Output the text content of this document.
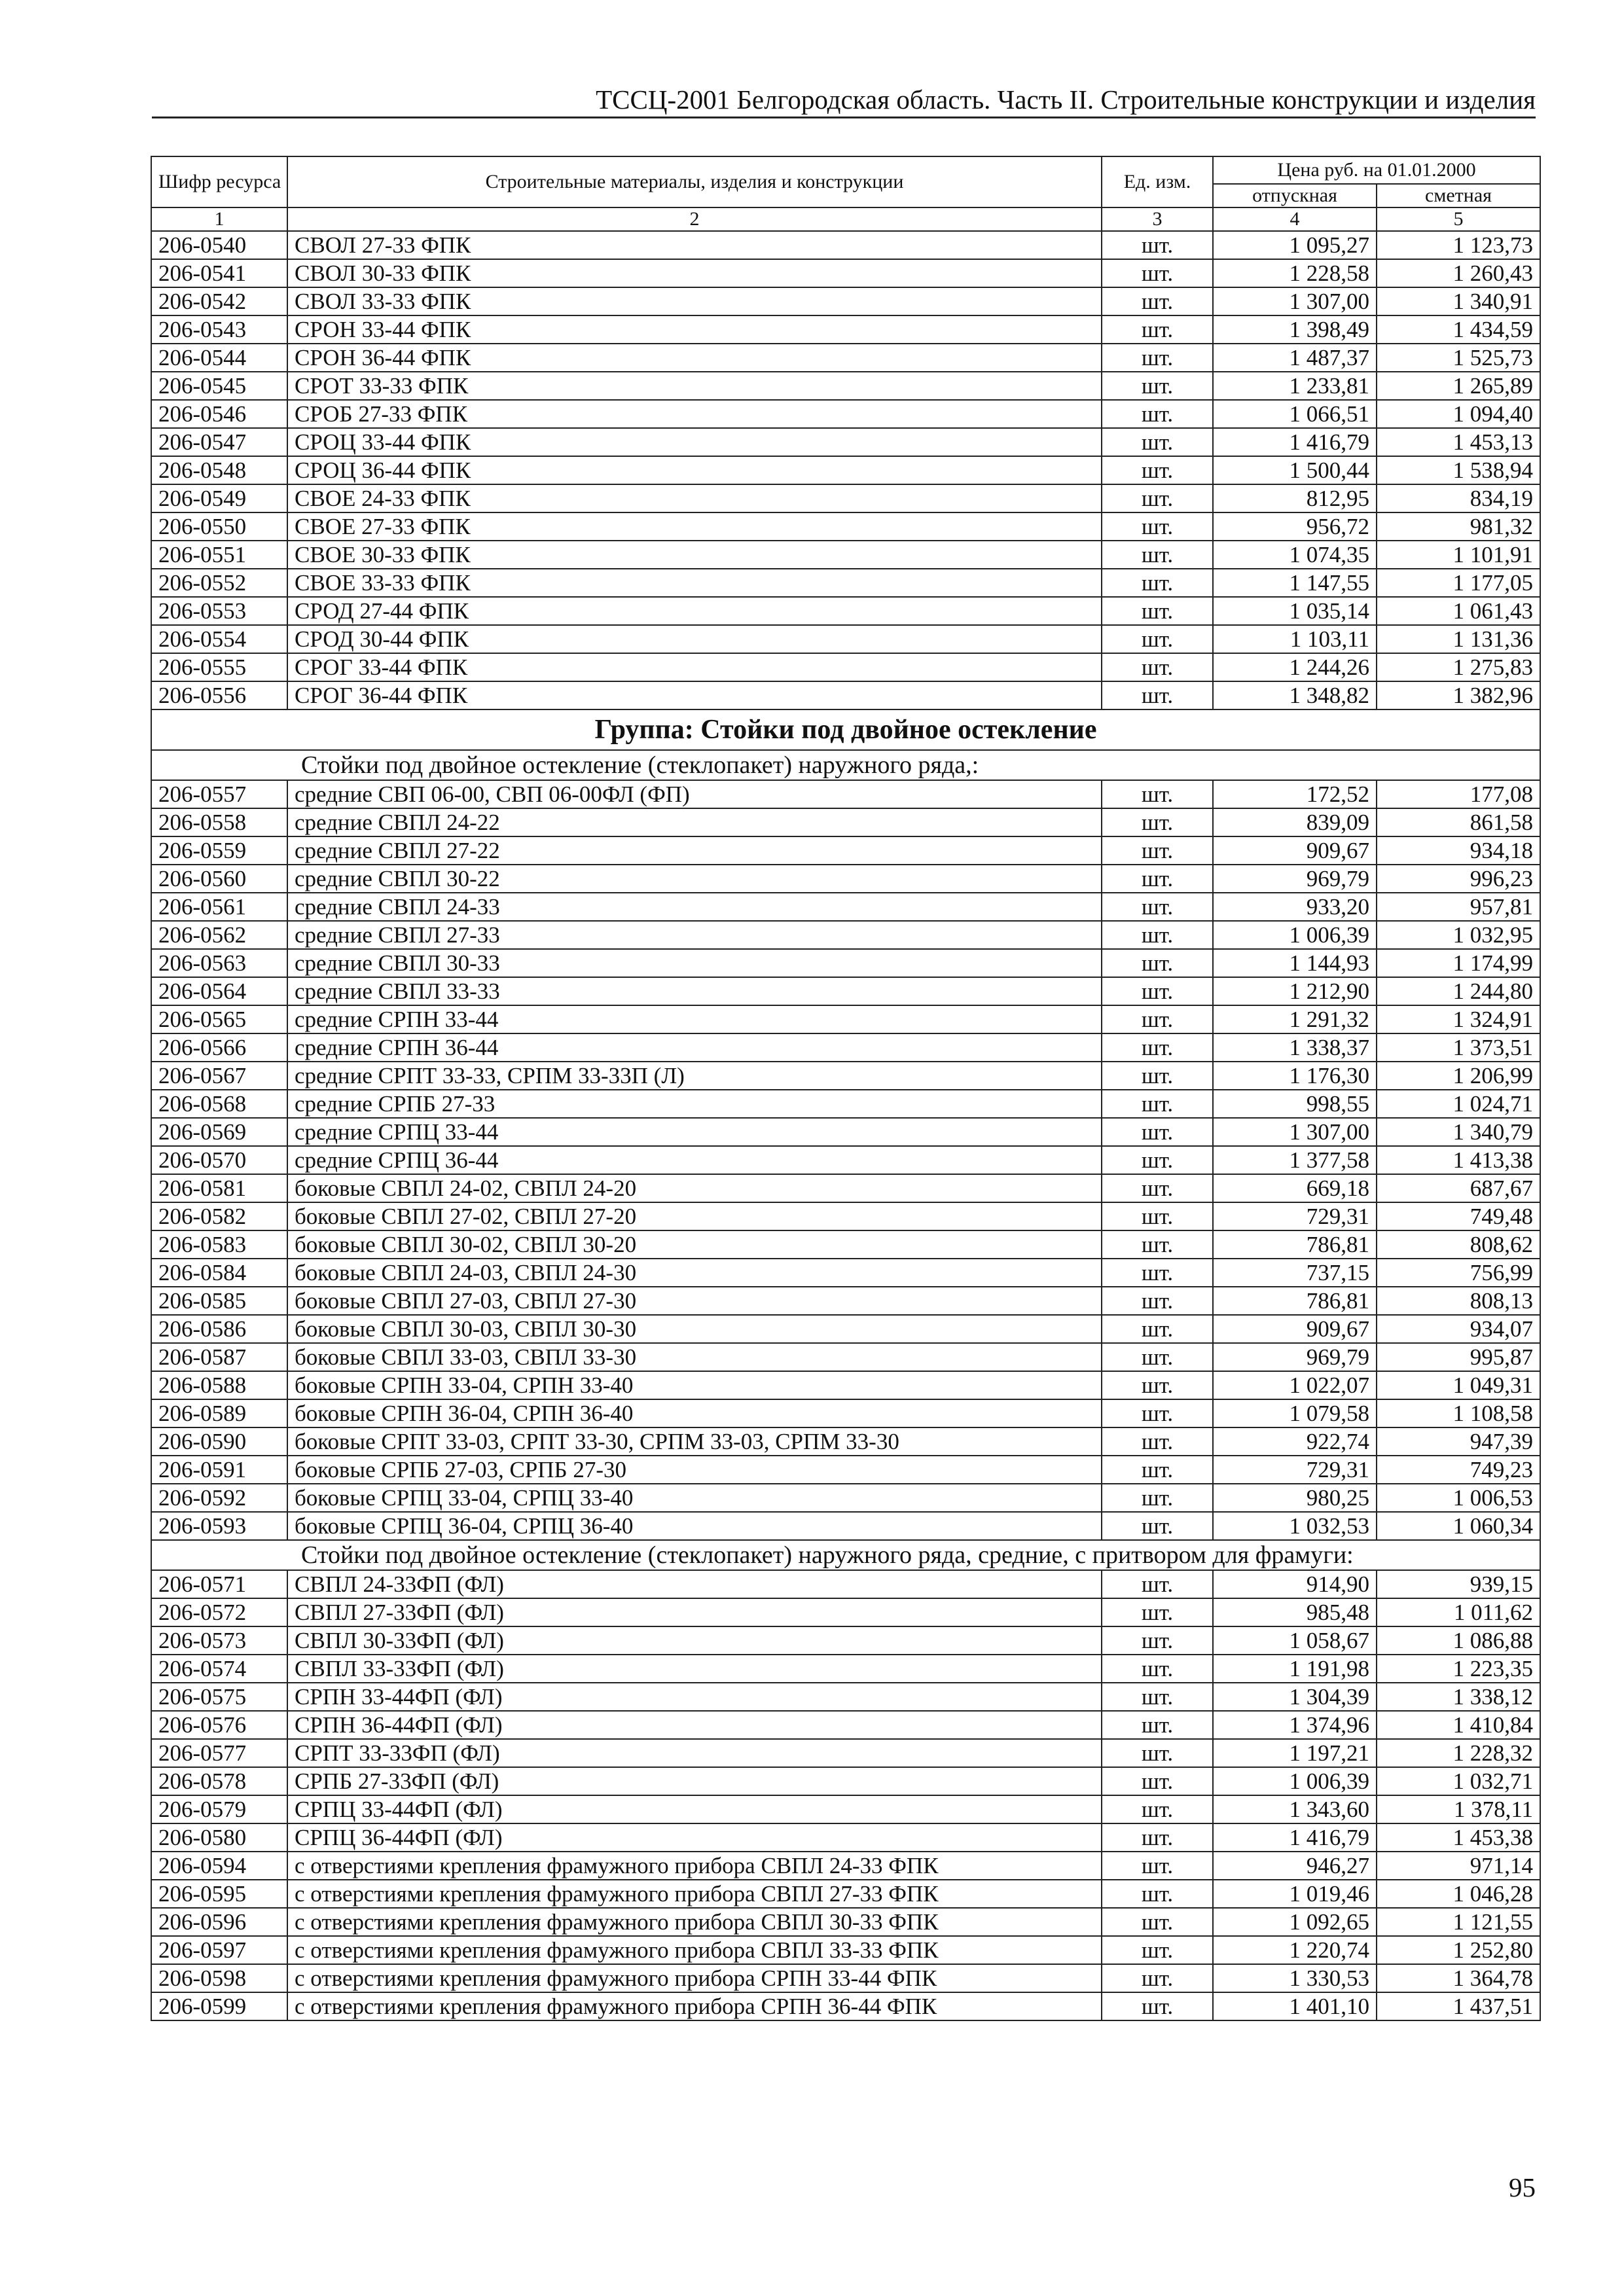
ТССЦ-2001 Белгородская область. Часть II. Строительные конструкции и изделия
Шифр ресурса	Строительные материалы, изделия и конструкции	Ед. изм.	Цена руб. на 01.01.2000	
			отпускная	сметная
1	2	3	4	5
206-0540	СВОЛ 27-33 ФПК	шт.	1 095,27	1 123,73
206-0541	СВОЛ 30-33 ФПК	шт.	1 228,58	1 260,43
206-0542	СВОЛ 33-33 ФПК	шт.	1 307,00	1 340,91
206-0543	СРОН 33-44 ФПК	шт.	1 398,49	1 434,59
206-0544	СРОН 36-44 ФПК	шт.	1 487,37	1 525,73
206-0545	СРОТ 33-33 ФПК	шт.	1 233,81	1 265,89
206-0546	СРОБ 27-33 ФПК	шт.	1 066,51	1 094,40
206-0547	СРОЦ 33-44 ФПК	шт.	1 416,79	1 453,13
206-0548	СРОЦ 36-44 ФПК	шт.	1 500,44	1 538,94
206-0549	СВОЕ 24-33 ФПК	шт.	812,95	834,19
206-0550	СВОЕ 27-33 ФПК	шт.	956,72	981,32
206-0551	СВОЕ 30-33 ФПК	шт.	1 074,35	1 101,91
206-0552	СВОЕ 33-33 ФПК	шт.	1 147,55	1 177,05
206-0553	СРОД 27-44 ФПК	шт.	1 035,14	1 061,43
206-0554	СРОД 30-44 ФПК	шт.	1 103,11	1 131,36
206-0555	СРОГ 33-44 ФПК	шт.	1 244,26	1 275,83
206-0556	СРОГ 36-44 ФПК	шт.	1 348,82	1 382,96
Группа: Стойки под двойное остекление				
Стойки под двойное остекление (стеклопакет) наружного ряда,:				
206-0557	средние СВП 06-00, СВП 06-00ФЛ (ФП)	шт.	172,52	177,08
206-0558	средние СВПЛ 24-22	шт.	839,09	861,58
206-0559	средние СВПЛ 27-22	шт.	909,67	934,18
206-0560	средние СВПЛ 30-22	шт.	969,79	996,23
206-0561	средние СВПЛ 24-33	шт.	933,20	957,81
206-0562	средние СВПЛ 27-33	шт.	1 006,39	1 032,95
206-0563	средние СВПЛ 30-33	шт.	1 144,93	1 174,99
206-0564	средние СВПЛ 33-33	шт.	1 212,90	1 244,80
206-0565	средние СРПН 33-44	шт.	1 291,32	1 324,91
206-0566	средние СРПН 36-44	шт.	1 338,37	1 373,51
206-0567	средние СРПТ 33-33, СРПМ 33-33П (Л)	шт.	1 176,30	1 206,99
206-0568	средние СРПБ 27-33	шт.	998,55	1 024,71
206-0569	средние СРПЦ 33-44	шт.	1 307,00	1 340,79
206-0570	средние СРПЦ 36-44	шт.	1 377,58	1 413,38
206-0581	боковые СВПЛ 24-02, СВПЛ 24-20	шт.	669,18	687,67
206-0582	боковые СВПЛ 27-02, СВПЛ 27-20	шт.	729,31	749,48
206-0583	боковые СВПЛ 30-02, СВПЛ 30-20	шт.	786,81	808,62
206-0584	боковые СВПЛ 24-03, СВПЛ 24-30	шт.	737,15	756,99
206-0585	боковые СВПЛ 27-03, СВПЛ 27-30	шт.	786,81	808,13
206-0586	боковые СВПЛ 30-03, СВПЛ 30-30	шт.	909,67	934,07
206-0587	боковые СВПЛ 33-03, СВПЛ 33-30	шт.	969,79	995,87
206-0588	боковые СРПН 33-04, СРПН 33-40	шт.	1 022,07	1 049,31
206-0589	боковые СРПН 36-04, СРПН 36-40	шт.	1 079,58	1 108,58
206-0590	боковые СРПТ 33-03, СРПТ 33-30, СРПМ 33-03, СРПМ 33-30	шт.	922,74	947,39
206-0591	боковые СРПБ 27-03, СРПБ 27-30	шт.	729,31	749,23
206-0592	боковые СРПЦ 33-04, СРПЦ 33-40	шт.	980,25	1 006,53
206-0593	боковые СРПЦ 36-04, СРПЦ 36-40	шт.	1 032,53	1 060,34
Стойки под двойное остекление (стеклопакет) наружного ряда, средние, с притвором для фрамуги:				
206-0571	СВПЛ 24-33ФП (ФЛ)	шт.	914,90	939,15
206-0572	СВПЛ 27-33ФП (ФЛ)	шт.	985,48	1 011,62
206-0573	СВПЛ 30-33ФП (ФЛ)	шт.	1 058,67	1 086,88
206-0574	СВПЛ 33-33ФП (ФЛ)	шт.	1 191,98	1 223,35
206-0575	СРПН 33-44ФП (ФЛ)	шт.	1 304,39	1 338,12
206-0576	СРПН 36-44ФП (ФЛ)	шт.	1 374,96	1 410,84
206-0577	СРПТ 33-33ФП (ФЛ)	шт.	1 197,21	1 228,32
206-0578	СРПБ 27-33ФП (ФЛ)	шт.	1 006,39	1 032,71
206-0579	СРПЦ 33-44ФП (ФЛ)	шт.	1 343,60	1 378,11
206-0580	СРПЦ 36-44ФП (ФЛ)	шт.	1 416,79	1 453,38
206-0594	с отверстиями крепления фрамужного прибора СВПЛ 24-33 ФПК	шт.	946,27	971,14
206-0595	с отверстиями крепления фрамужного прибора СВПЛ 27-33 ФПК	шт.	1 019,46	1 046,28
206-0596	с отверстиями крепления фрамужного прибора СВПЛ 30-33 ФПК	шт.	1 092,65	1 121,55
206-0597	с отверстиями крепления фрамужного прибора СВПЛ 33-33 ФПК	шт.	1 220,74	1 252,80
206-0598	с отверстиями крепления фрамужного прибора СРПН 33-44 ФПК	шт.	1 330,53	1 364,78
206-0599	с отверстиями крепления фрамужного прибора СРПН 36-44 ФПК	шт.	1 401,10	1 437,51
95
